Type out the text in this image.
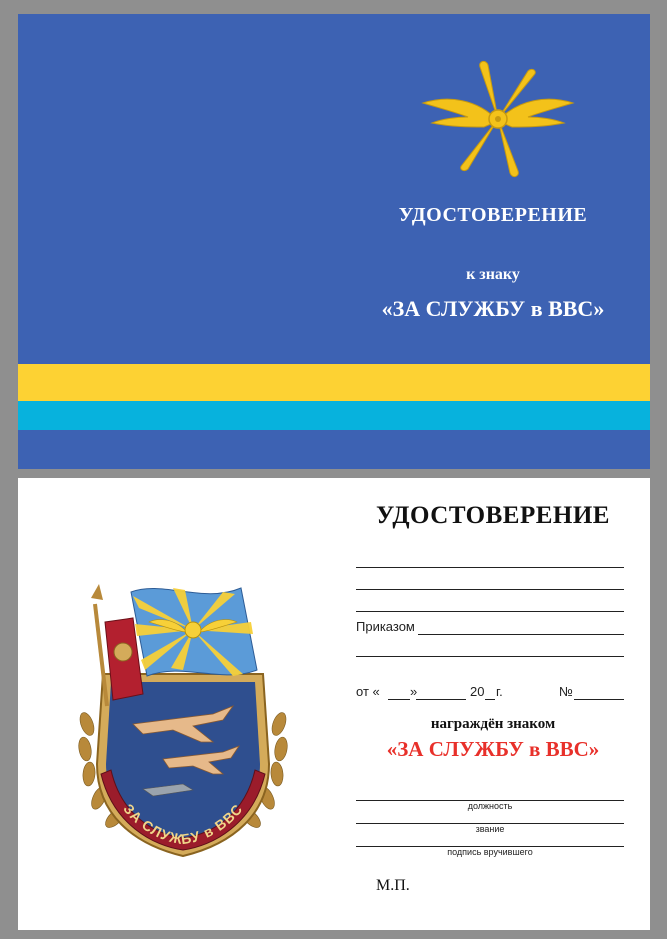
УДОСТОВЕРЕНИЕ

к знаку

«ЗА СЛУЖБУ в ВВС»

ЗА СЛУЖБУ в ВВС

УДОСТОВЕРЕНИЕ

Приказом
от « »	20 г.	№

награждён знаком

«ЗА СЛУЖБУ в ВВС»

должность

звание

подпись вручившего

М.П.
